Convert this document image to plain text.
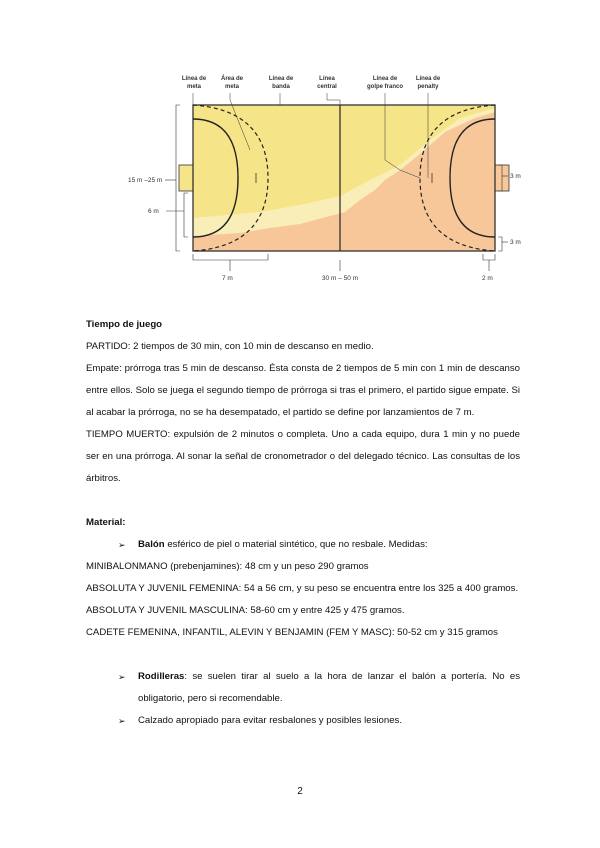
Línea de
meta
Área de
meta
Línea de
banda
Línea
central
Línea de
golpe franco
Línea de
penalty
15 m –25 m
6 m
7 m	30 m – 50 m	2 m
3 m
3 m

Tiempo de juego

PARTIDO: 2 tiempos de 30 min, con 10 min de descanso en medio.

Empate: prórroga tras 5 min de descanso. Ésta consta de 2 tiempos de 5 min con 1 min de descanso entre ellos. Solo se juega el segundo tiempo de prórroga si tras el primero, el partido sigue empate. Si al acabar la prórroga, no se ha desempatado, el partido se define por lanzamientos de 7 m.

TIEMPO MUERTO: expulsión de 2 minutos o completa. Uno a cada equipo, dura 1 min y no puede ser en una prórroga. Al sonar la señal de cronometrador o del delegado técnico. Las consultas de los árbitros.

Material:

➢ Balón esférico de piel o material sintético, que no resbale. Medidas:

MINIBALONMANO (prebenjamines): 48 cm y un peso 290 gramos

ABSOLUTA Y JUVENIL FEMENINA: 54 a 56 cm, y su peso se encuentra entre los 325 a 400 gramos.

ABSOLUTA Y JUVENIL MASCULINA: 58-60 cm y entre 425 y 475 gramos.

CADETE FEMENINA, INFANTIL, ALEVIN Y BENJAMIN (FEM Y MASC): 50-52 cm y 315 gramos

➢ Rodilleras: se suelen tirar al suelo a la hora de lanzar el balón a portería. No es obligatorio, pero si recomendable.

➢ Calzado apropiado para evitar resbalones y posibles lesiones.

2
